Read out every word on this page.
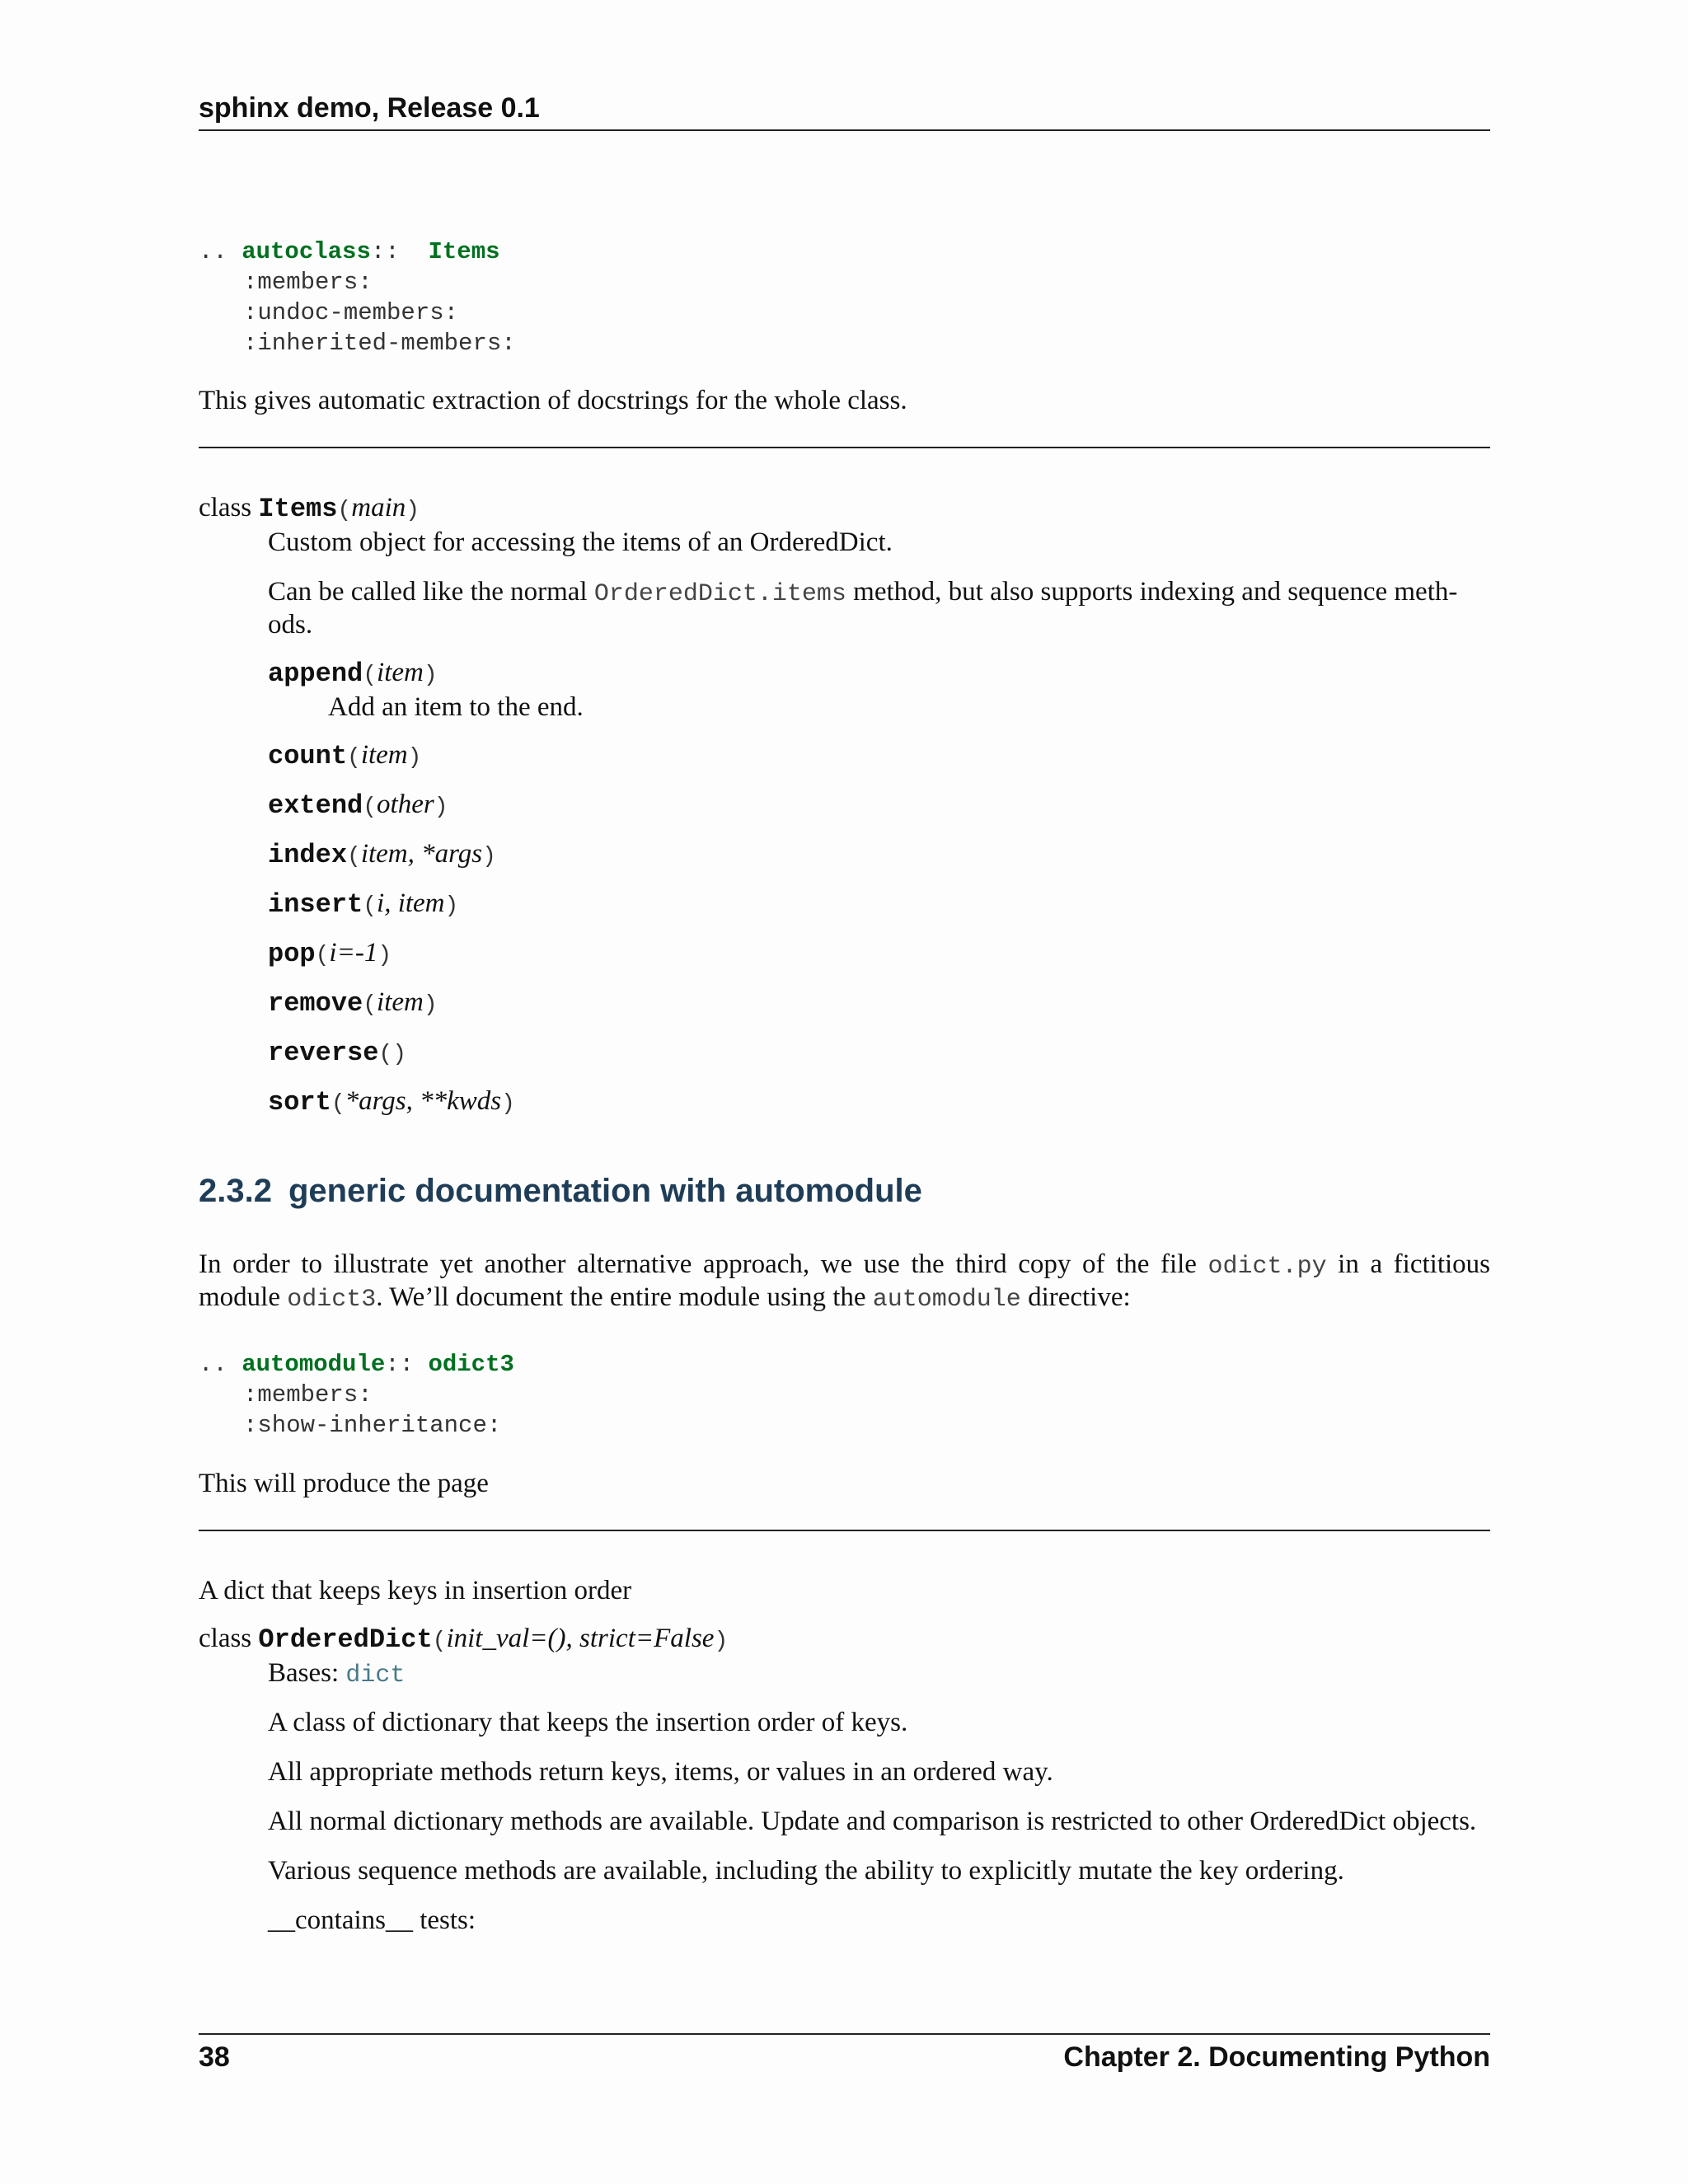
sphinx demo, Release 0.1
.. autoclass:: Items
:members:
:undoc-members:
:inherited-members:
This gives automatic extraction of docstrings for the whole class.
class Items(main)
Custom object for accessing the items of an OrderedDict.
Can be called like the normal OrderedDict.items method, but also supports indexing and sequence meth-
ods.
append(item)
Add an item to the end.
count(item)
extend(other)
index(item, *args)
insert(i, item)
pop(i=-1)
remove(item)
reverse()
sort(*args, **kwds)
2.3.2 generic documentation with automodule
In order to illustrate yet another alternative approach, we use the third copy of the file odict.py in a fictitious
module odict3. We’ll document the entire module using the automodule directive:
.. automodule:: odict3
:members:
:show-inheritance:
This will produce the page
A dict that keeps keys in insertion order
class OrderedDict(init_val=(), strict=False)
Bases: dict
A class of dictionary that keeps the insertion order of keys.
All appropriate methods return keys, items, or values in an ordered way.
All normal dictionary methods are available. Update and comparison is restricted to other OrderedDict objects.
Various sequence methods are available, including the ability to explicitly mutate the key ordering.
__contains__ tests:
38	Chapter 2. Documenting Python
